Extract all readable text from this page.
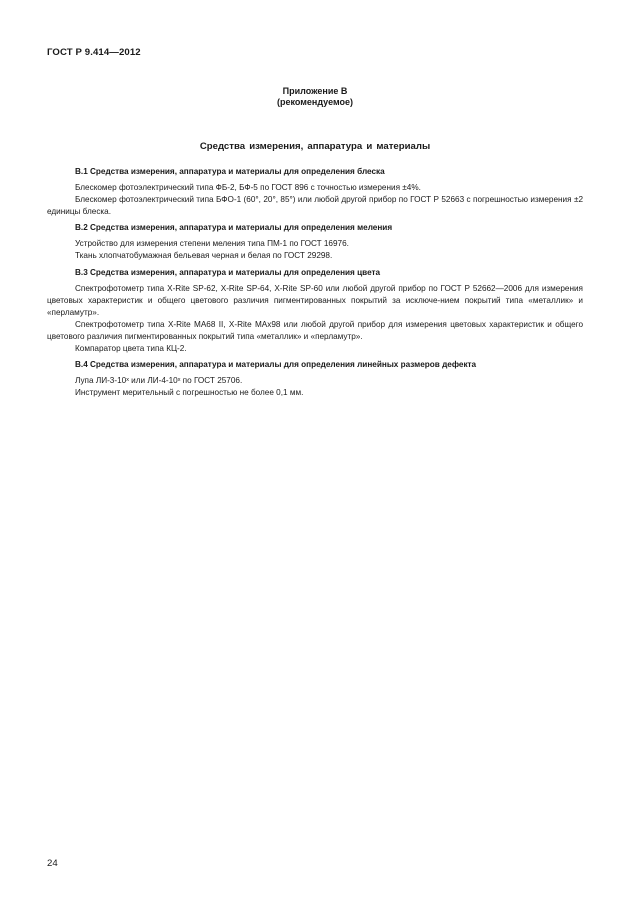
ГОСТ Р 9.414—2012
Приложение В
(рекомендуемое)
Средства измерения, аппаратура и материалы

В.1 Средства измерения, аппаратура и материалы для определения блеска

Блескомер фотоэлектрический типа ФБ-2, БФ-5 по ГОСТ 896 с точностью измерения ±4%.

Блескомер фотоэлектрический типа БФО-1 (60°, 20°, 85°) или любой другой прибор по ГОСТ Р 52663 с погрешностью измерения ±2 единицы блеска.

В.2 Средства измерения, аппаратура и материалы для определения меления

Устройство для измерения степени меления типа ПМ-1 по ГОСТ 16976.

Ткань хлопчатобумажная бельевая черная и белая по ГОСТ 29298.

В.3 Средства измерения, аппаратура и материалы для определения цвета

Спектрофотометр типа X-Rite SP-62, X-Rite SP-64, X-Rite SP-60 или любой другой прибор по ГОСТ Р 52662—2006 для измерения цветовых характеристик и общего цветового различия пигментированных покрытий за исключе-нием покрытий типа «металлик» и «перламутр».

Спектрофотометр типа X-Rite MA68 II, X-Rite MAx98 или любой другой прибор для измерения цветовых характеристик и общего цветового различия пигментированных покрытий типа «металлик» и «перламутр».

Компаратор цвета типа КЦ-2.

В.4 Средства измерения, аппаратура и материалы для определения линейных размеров дефекта

Лупа ЛИ-3-10ˣ или ЛИ-4-10ˣ по ГОСТ 25706.

Инструмент мерительный с погрешностью не более 0,1 мм.

24
